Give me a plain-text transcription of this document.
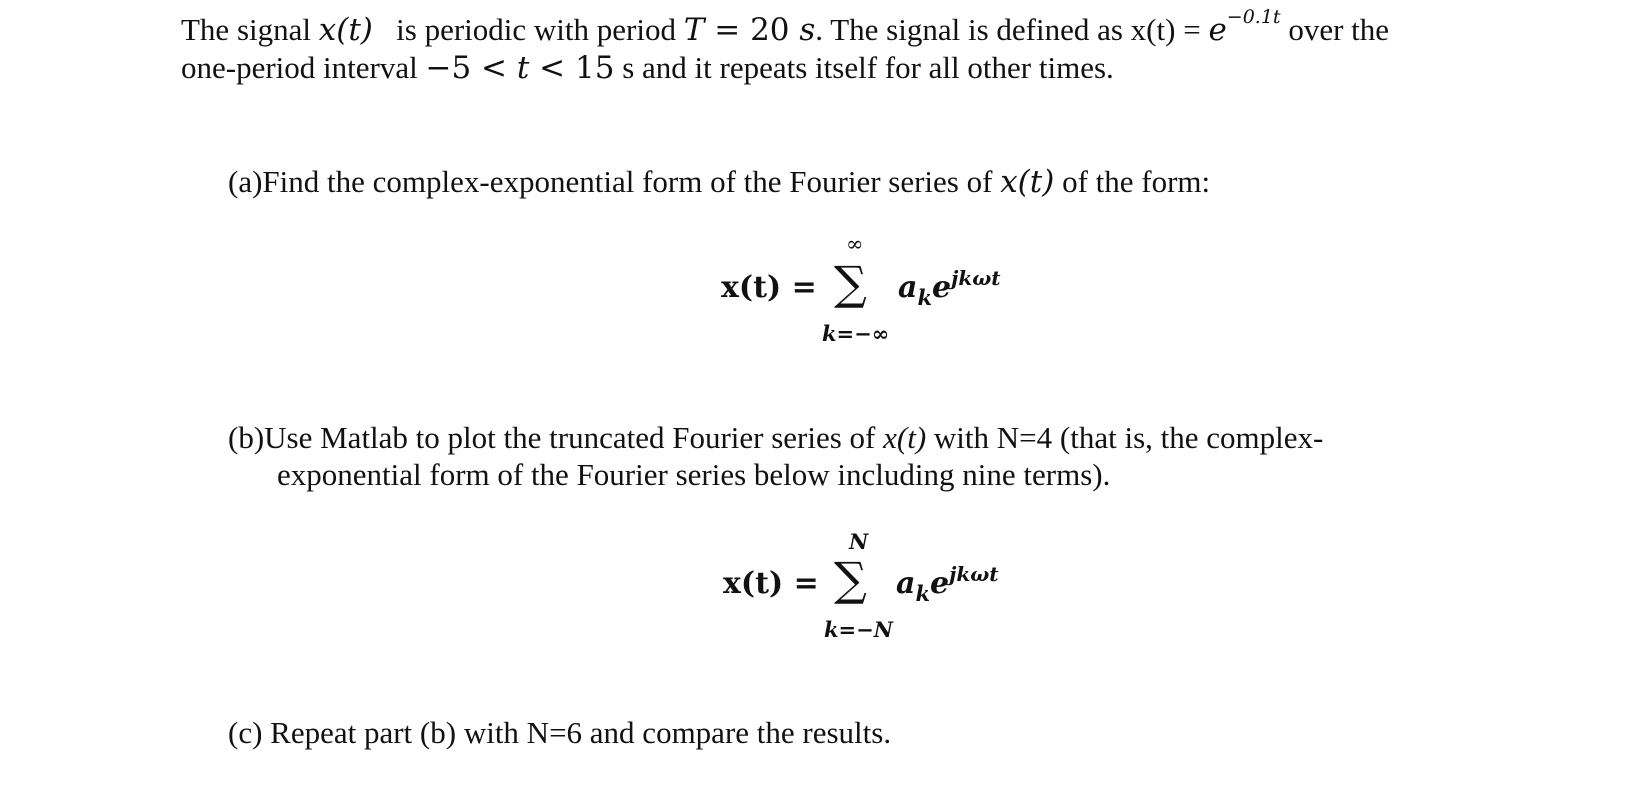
The signal x(t)   is periodic with period T = 20 s. The signal is defined as $x(t) = e^{-0.1t}$ over the
one-period interval −5 < t < 15 s and it repeats itself for all other times.
(a)Find the complex-exponential form of the Fourier series of x(t) of the form:
x(t) =
∞
∑
k=−∞
$a_ke^{jk\omega t}$
(b)Use Matlab to plot the truncated Fourier series of x(t) with N=4 (that is, the complex-
exponential form of the Fourier series below including nine terms).
x(t) =
N
∑
k=−N
$a_ke^{jk\omega t}$
(c) Repeat part (b) with N=6 and compare the results.
